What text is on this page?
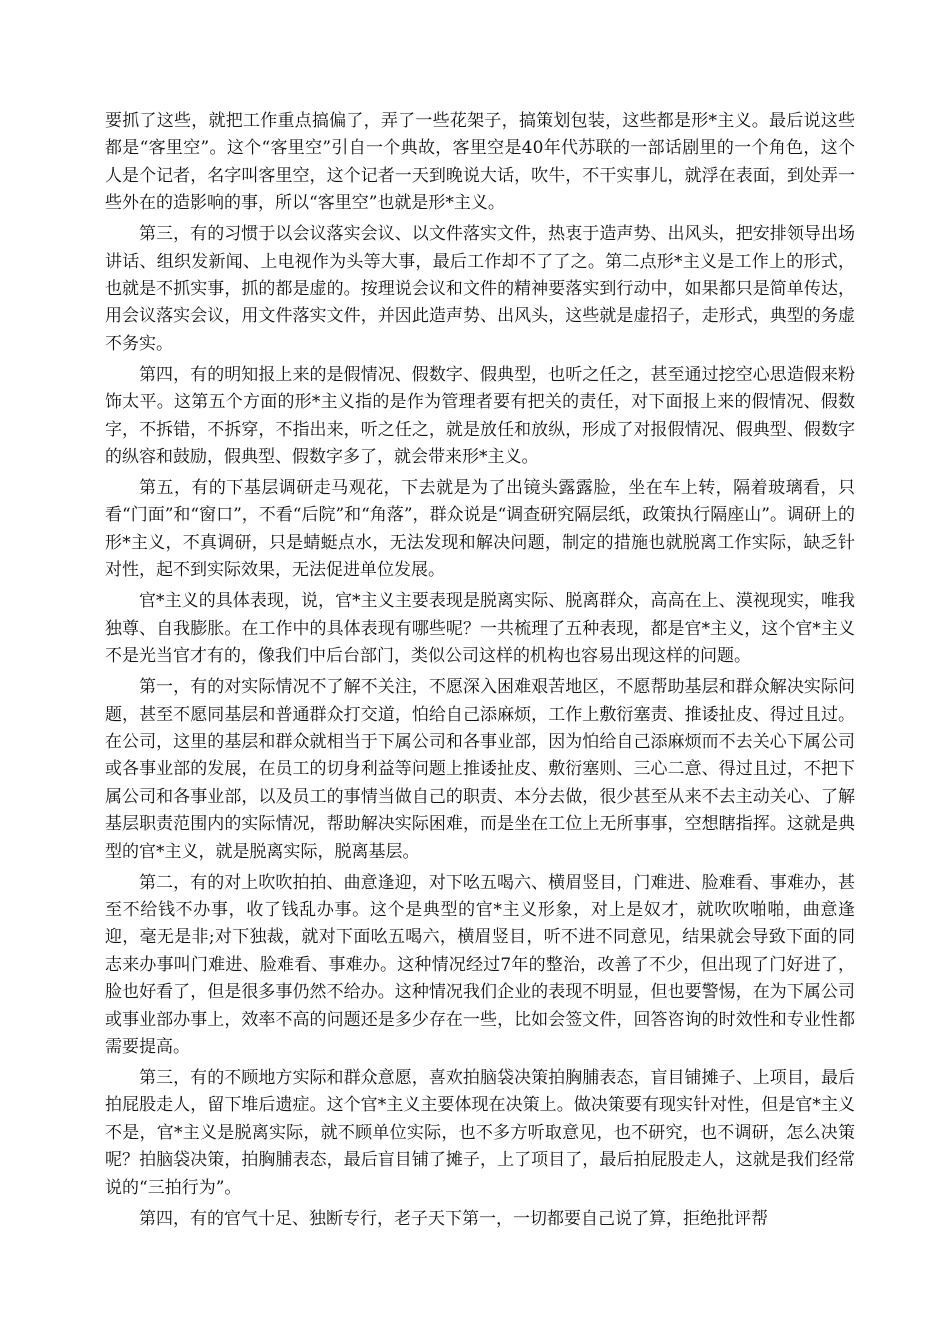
要抓了这些，就把工作重点搞偏了，弄了一些花架子，搞策划包装，这些都是形*主义。最后说这些都是“客里空”。这个“客里空”引自一个典故，客里空是40年代苏联的一部话剧里的一个角色，这个人是个记者，名字叫客里空，这个记者一天到晚说大话，吹牛，不干实事儿，就浮在表面，到处弄一些外在的造影响的事，所以“客里空”也就是形*主义。

第三，有的习惯于以会议落实会议、以文件落实文件，热衷于造声势、出风头，把安排领导出场讲话、组织发新闻、上电视作为头等大事，最后工作却不了了之。第二点形*主义是工作上的形式，也就是不抓实事，抓的都是虚的。按理说会议和文件的精神要落实到行动中，如果都只是简单传达，用会议落实会议，用文件落实文件，并因此造声势、出风头，这些就是虚招子，走形式，典型的务虚不务实。

第四，有的明知报上来的是假情况、假数字、假典型，也听之任之，甚至通过挖空心思造假来粉饰太平。这第五个方面的形*主义指的是作为管理者要有把关的责任，对下面报上来的假情况、假数字，不拆错，不拆穿，不指出来，听之任之，就是放任和放纵，形成了对报假情况、假典型、假数字的纵容和鼓励，假典型、假数字多了，就会带来形*主义。

第五，有的下基层调研走马观花，下去就是为了出镜头露露脸，坐在车上转，隔着玻璃看，只看“门面”和“窗口”，不看“后院”和“角落”，群众说是“调查研究隔层纸，政策执行隔座山”。调研上的形*主义，不真调研，只是蜻蜓点水，无法发现和解决问题，制定的措施也就脱离工作实际，缺乏针对性，起不到实际效果，无法促进单位发展。

官*主义的具体表现，说，官*主义主要表现是脱离实际、脱离群众，高高在上、漠视现实，唯我独尊、自我膨胀。在工作中的具体表现有哪些呢？一共梳理了五种表现，都是官*主义，这个官*主义不是光当官才有的，像我们中后台部门，类似公司这样的机构也容易出现这样的问题。

第一，有的对实际情况不了解不关注，不愿深入困难艰苦地区，不愿帮助基层和群众解决实际问题，甚至不愿同基层和普通群众打交道，怕给自己添麻烦，工作上敷衍塞责、推诿扯皮、得过且过。在公司，这里的基层和群众就相当于下属公司和各事业部，因为怕给自己添麻烦而不去关心下属公司或各事业部的发展，在员工的切身利益等问题上推诿扯皮、敷衍塞则、三心二意、得过且过，不把下属公司和各事业部，以及员工的事情当做自己的职责、本分去做，很少甚至从来不去主动关心、了解基层职责范围内的实际情况，帮助解决实际困难，而是坐在工位上无所事事，空想瞎指挥。这就是典型的官*主义，就是脱离实际，脱离基层。

第二，有的对上吹吹拍拍、曲意逢迎，对下吆五喝六、横眉竖目，门难进、脸难看、事难办，甚至不给钱不办事，收了钱乱办事。这个是典型的官*主义形象，对上是奴才，就吹吹啪啪，曲意逢迎，毫无是非;对下独裁，就对下面吆五喝六，横眉竖目，听不进不同意见，结果就会导致下面的同志来办事叫门难进、脸难看、事难办。这种情况经过7年的整治，改善了不少，但出现了门好进了，脸也好看了，但是很多事仍然不给办。这种情况我们企业的表现不明显，但也要警惕，在为下属公司或事业部办事上，效率不高的问题还是多少存在一些，比如会签文件，回答咨询的时效性和专业性都需要提高。

第三，有的不顾地方实际和群众意愿，喜欢拍脑袋决策拍胸脯表态，盲目铺摊子、上项目，最后拍屁股走人，留下堆后遗症。这个官*主义主要体现在决策上。做决策要有现实针对性，但是官*主义不是，官*主义是脱离实际，就不顾单位实际，也不多方听取意见，也不研究，也不调研，怎么决策呢？拍脑袋决策，拍胸脯表态，最后盲目铺了摊子，上了项目了，最后拍屁股走人，这就是我们经常说的“三拍行为”。

第四，有的官气十足、独断专行，老子天下第一，一切都要自己说了算，拒绝批评帮
